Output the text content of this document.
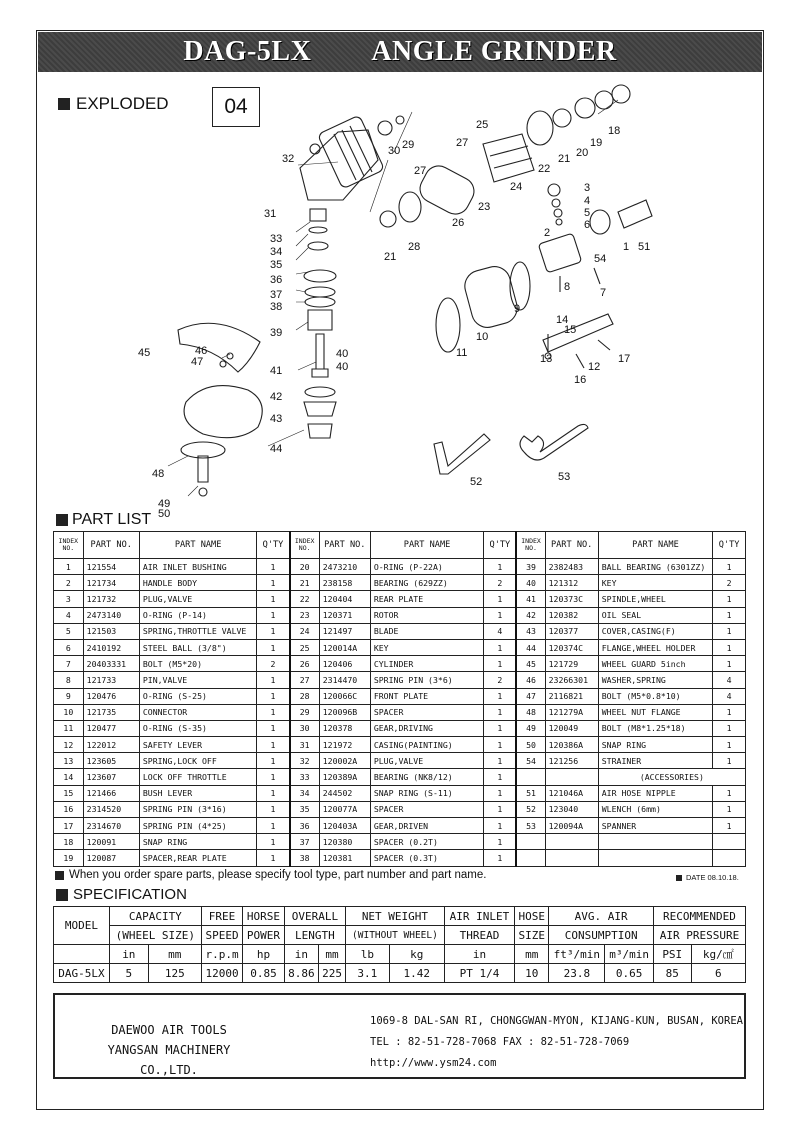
DAG-5LX ANGLE GRINDER
EXPLODED	04
1
2
3
4
5
6
7
8
9
10
11
12
13
14
15
16
17
18
19
20
21
21
22
23
24
25
26
27
27
28
29
30
31
32
33
34
35
36
37
38
39
40
40
41
42
43
44
45	46
47
48
49
50
51
52	53
54
PART LIST
INDEX
NO.	PART NO.	PART NAME	Q'TY	INDEX
NO.	PART NO.	PART NAME	Q'TY	INDEX
NO.	PART NO.	PART NAME	Q'TY
1	121554	AIR INLET BUSHING	1	20	2473210	O-RING (P-22A)	1	39	2382483	BALL BEARING (6301ZZ)	1
2	121734	HANDLE BODY	1	21	238158	BEARING (629ZZ)	2	40	121312	KEY	2
3	121732	PLUG,VALVE	1	22	120404	REAR PLATE	1	41	120373C	SPINDLE,WHEEL	1
4	2473140	O-RING (P-14)	1	23	120371	ROTOR	1	42	120382	OIL SEAL	1
5	121503	SPRING,THROTTLE VALVE	1	24	121497	BLADE	4	43	120377	COVER,CASING(F)	1
6	2410192	STEEL BALL (3/8")	1	25	120014A	KEY	1	44	120374C	FLANGE,WHEEL HOLDER	1
7	20403331	BOLT (M5*20)	2	26	120406	CYLINDER	1	45	121729	WHEEL GUARD 5inch	1
8	121733	PIN,VALVE	1	27	2314470	SPRING PIN (3*6)	2	46	23266301	WASHER,SPRING	4
9	120476	O-RING (S-25)	1	28	120066C	FRONT PLATE	1	47	2116821	BOLT (M5*0.8*10)	4
10	121735	CONNECTOR	1	29	120096B	SPACER	1	48	121279A	WHEEL NUT FLANGE	1
11	120477	O-RING (S-35)	1	30	120378	GEAR,DRIVING	1	49	120049	BOLT (M8*1.25*18)	1
12	122012	SAFETY LEVER	1	31	121972	CASING(PAINTING)	1	50	120386A	SNAP RING	1
13	123605	SPRING,LOCK OFF	1	32	120002A	PLUG,VALVE	1	54	121256	STRAINER	1
14	123607	LOCK OFF THROTTLE	1	33	120389A	BEARING (NK8/12)	1			(ACCESSORIES)	
15	121466	BUSH LEVER	1	34	244502	SNAP RING (S-11)	1	51	121046A	AIR HOSE NIPPLE	1
16	2314520	SPRING PIN (3*16)	1	35	120077A	SPACER	1	52	123040	WLENCH (6mm)	1
17	2314670	SPRING PIN (4*25)	1	36	120403A	GEAR,DRIVEN	1	53	120094A	SPANNER	1
18	120091	SNAP RING	1	37	120380	SPACER (0.2T)	1				
19	120087	SPACER,REAR PLATE	1	38	120381	SPACER (0.3T)	1				
When you order spare parts, please specify tool type, part number and part name.	DATE 08.10.18.
SPECIFICATION
MODEL	CAPACITY		FREE	HORSE	OVERALL		NET WEIGHT		AIR INLET	HOSE	AVG. AIR		RECOMMENDED	
	(WHEEL SIZE)		SPEED	POWER	LENGTH		(WITHOUT WHEEL)		THREAD	SIZE	CONSUMPTION		AIR PRESSURE	
	in	mm	r.p.m	hp	in	mm	lb	kg	in	mm	ft³/min	m³/min	PSI	kg/㎠
DAG-5LX	5	125	12000	0.85	8.86	225	3.1	1.42	PT 1/4	10	23.8	0.65	85	6
DAEWOO AIR TOOLS
YANGSAN MACHINERY CO.,LTD.
1069-8 DAL-SAN RI, CHONGGWAN-MYON, KIJANG-KUN, BUSAN, KOREA
TEL : 82-51-728-7068 FAX : 82-51-728-7069
http://www.ysm24.com
